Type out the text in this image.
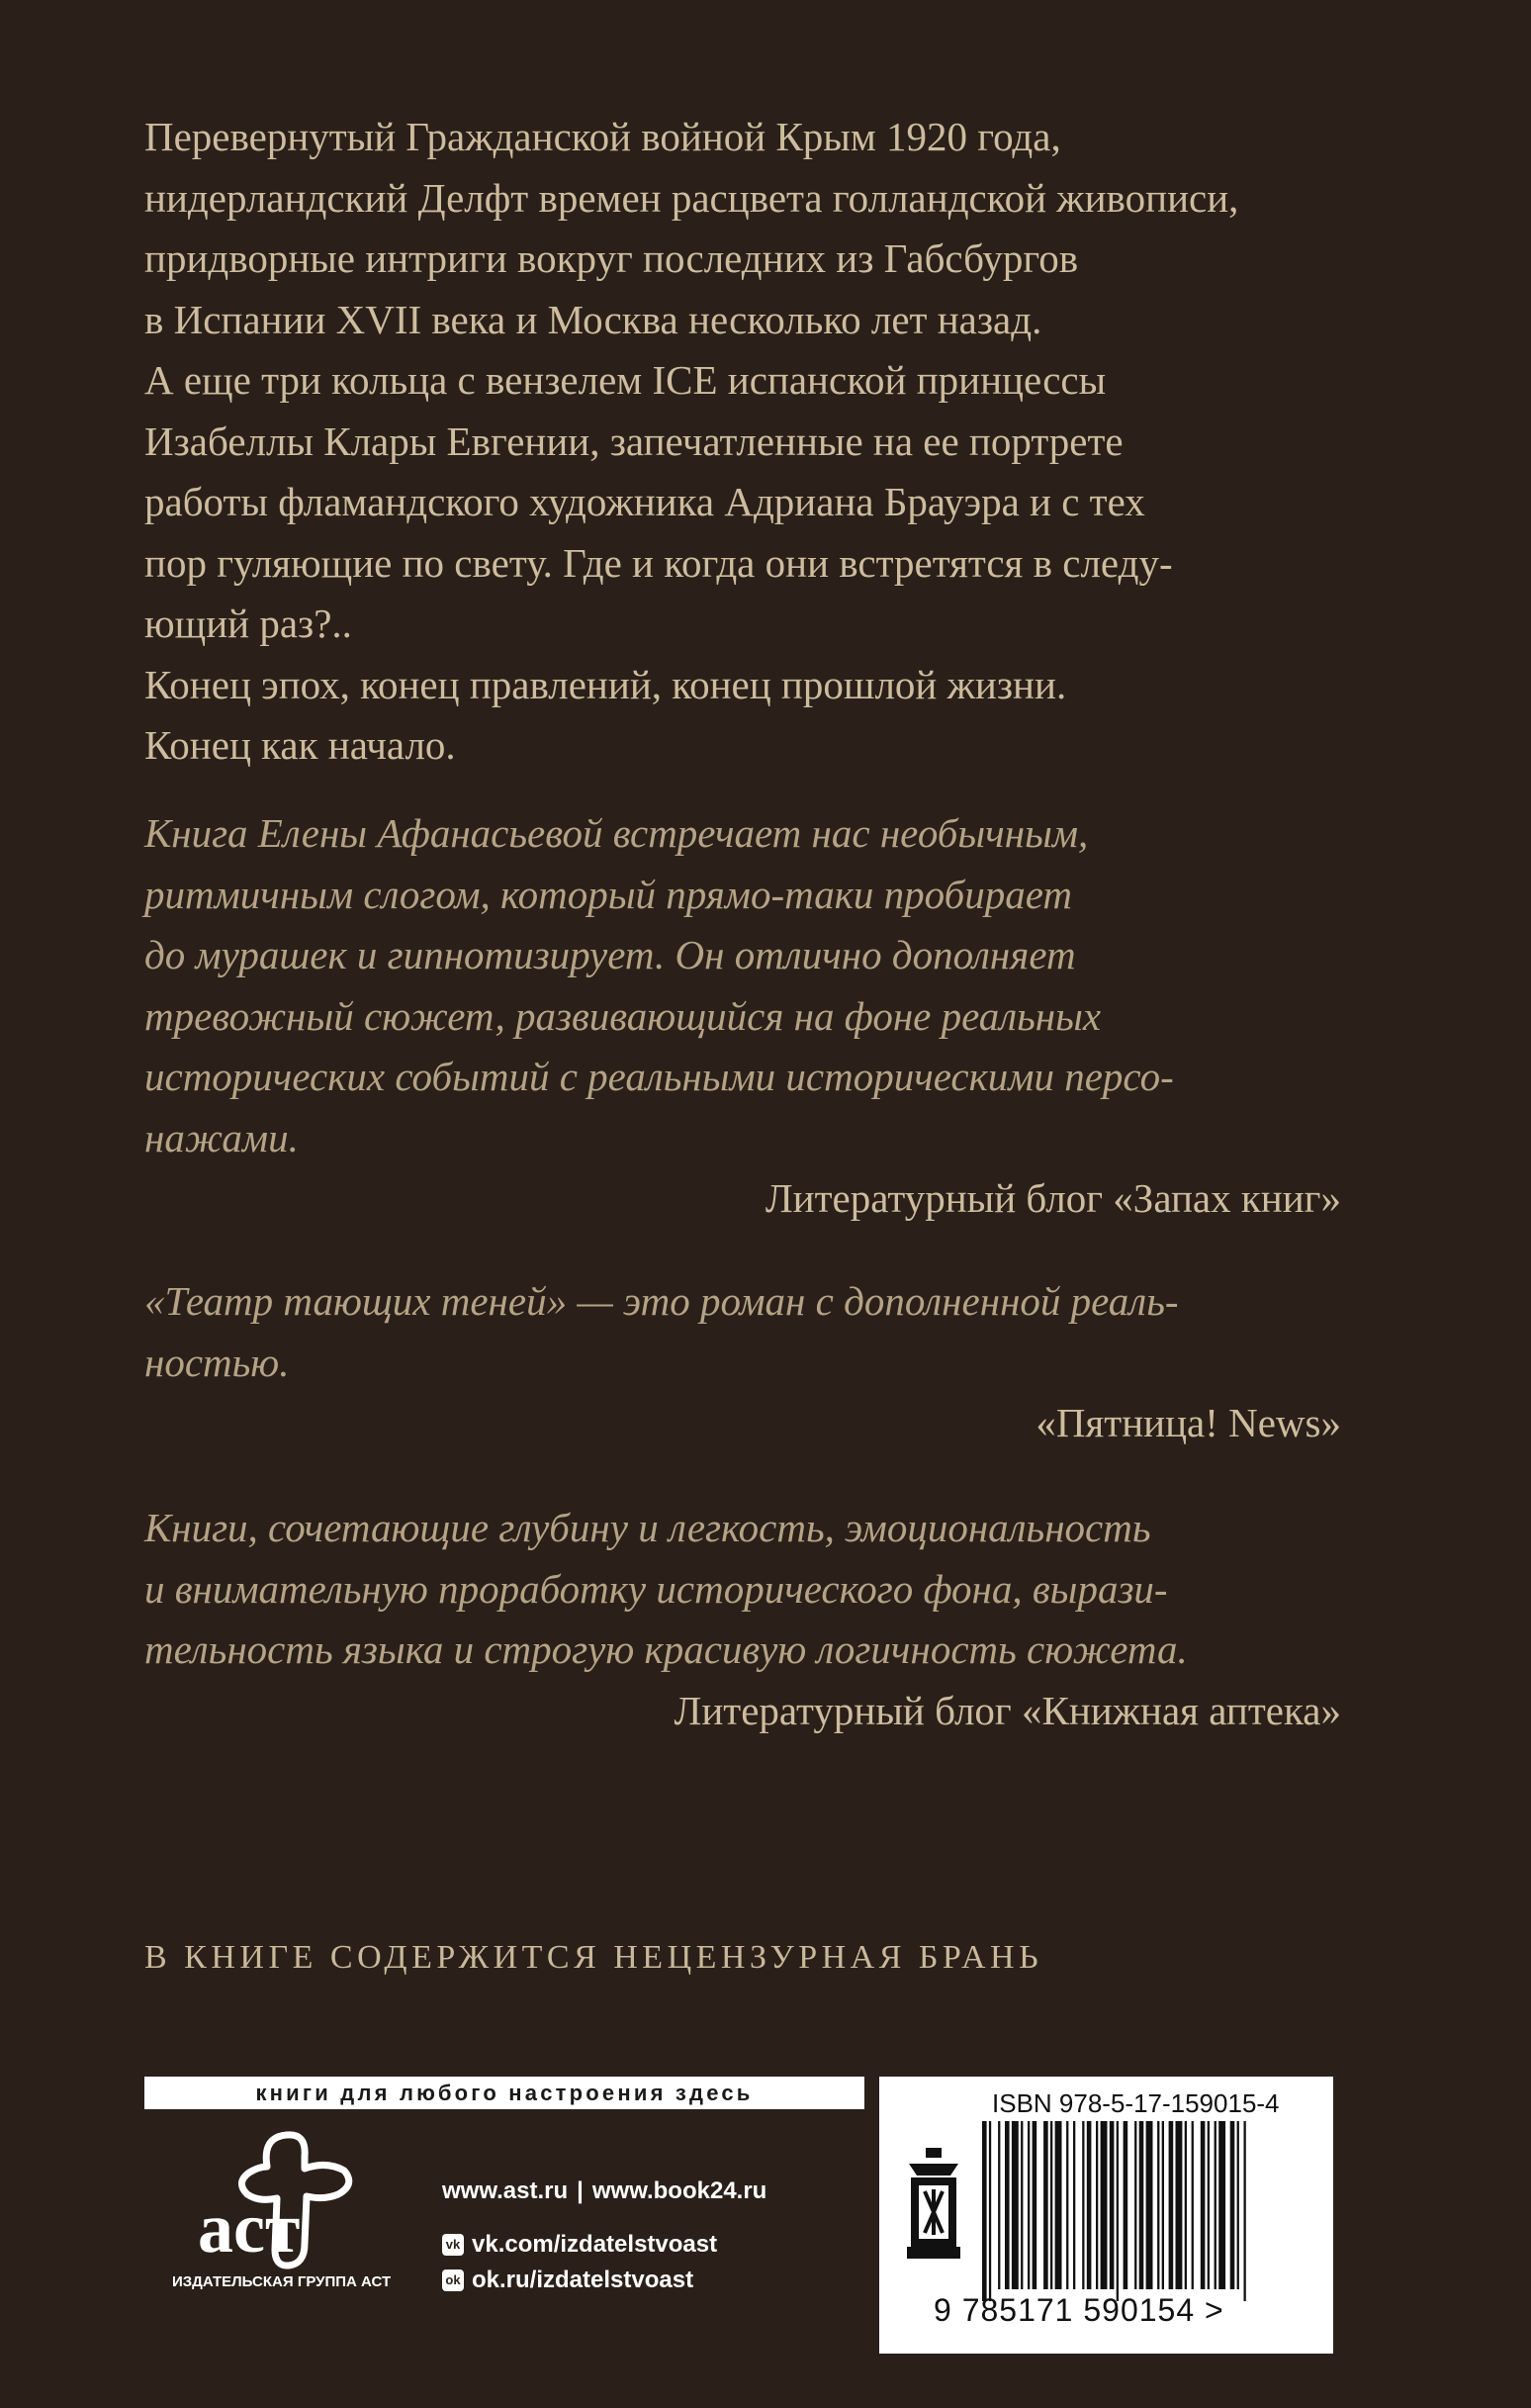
Перевернутый Гражданской войной Крым 1920 года,
нидерландский Делфт времен расцвета голландской живописи,
придворные интриги вокруг последних из Габсбургов
в Испании XVII века и Москва несколько лет назад.
А еще три кольца с вензелем ICE испанской принцессы
Изабеллы Клары Евгении, запечатленные на ее портрете
работы фламандского художника Адриана Брауэра и с тех
пор гуляющие по свету. Где и когда они встретятся в следу-
ющий раз?..
Конец эпох, конец правлений, конец прошлой жизни.
Конец как начало.
Книга Елены Афанасьевой встречает нас необычным,
ритмичным слогом, который прямо-таки пробирает
до мурашек и гипнотизирует. Он отлично дополняет
тревожный сюжет, развивающийся на фоне реальных
исторических событий с реальными историческими персо-
нажами.
Литературный блог «Запах книг»
«Театр тающих теней» — это роман с дополненной реаль-
ностью.
«Пятница! News»
Книги, сочетающие глубину и легкость, эмоциональность
и внимательную проработку исторического фона, вырази-
тельность языка и строгую красивую логичность сюжета.
Литературный блог «Книжная аптека»
В КНИГЕ СОДЕРЖИТСЯ НЕЦЕНЗУРНАЯ БРАНЬ
книги для любого настроения здесь
аст
ИЗДАТЕЛЬСКАЯ ГРУППА АСТ
www.ast.ru | www.book24.ru
vk vk.com/izdatelstvoast
ok ok.ru/izdatelstvoast
ISBN 978-5-17-159015-4
9 785171 590154 >
